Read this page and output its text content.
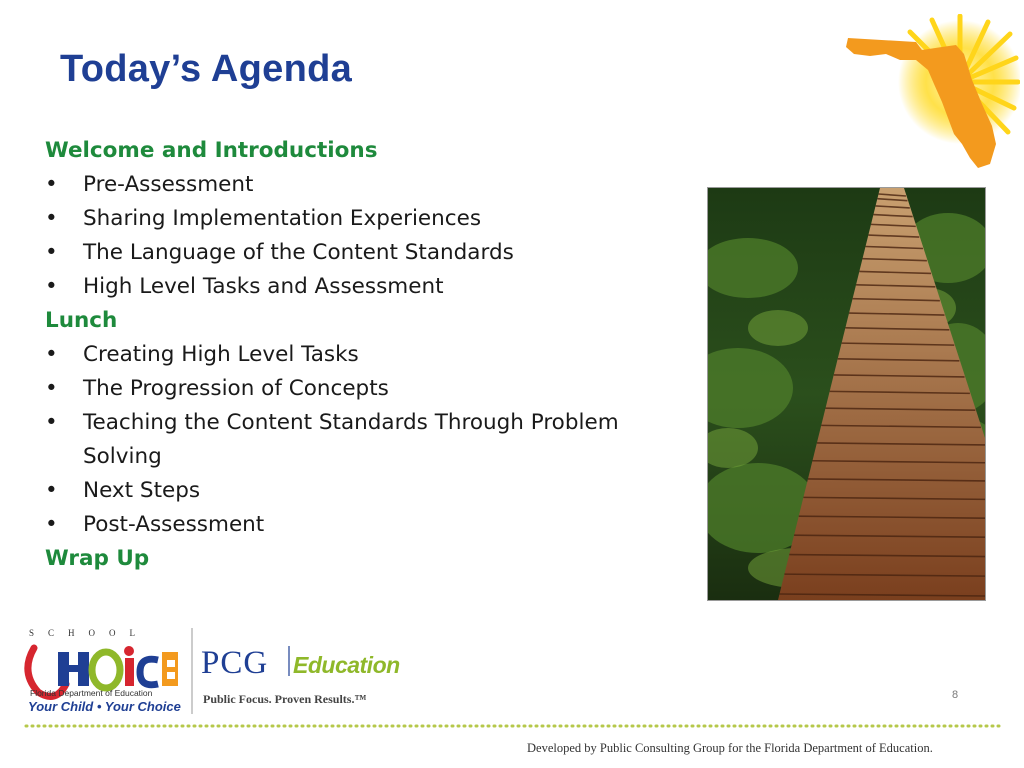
Today’s Agenda
Welcome and Introductions
• Pre-Assessment
• Sharing Implementation Experiences
• The Language of the Content Standards
• High Level Tasks and Assessment
Lunch
• Creating High Level Tasks
• The Progression of Concepts
• Teaching the Content Standards Through Problem Solving
• Next Steps
• Post-Assessment
Wrap Up
SCHOOL
Florida Department of Education
Your Child • Your Choice
PCG Education
Public Focus. Proven Results.™	8
Developed by Public Consulting Group for the Florida Department of Education.
